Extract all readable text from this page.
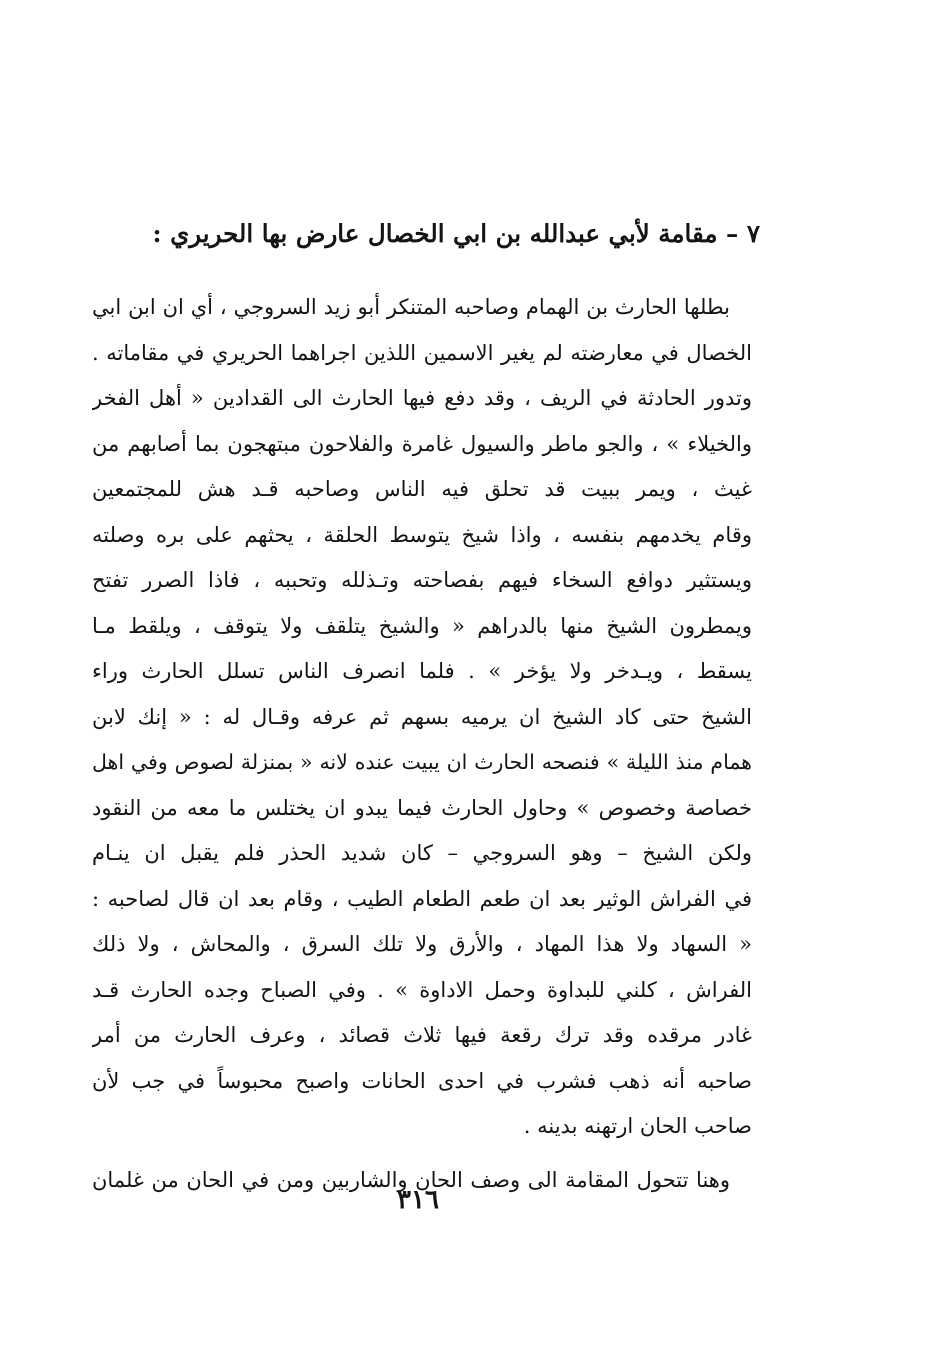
٧ – مقامة لأبي عبدالله بن ابي الخصال عارض بها الحريري :
بطلها الحارث بن الهمام وصاحبه المتنكر أبو زيد السروجي ، أي ان ابن ابي
الخصال في معارضته لم يغير الاسمين اللذين اجراهما الحريري في مقاماته .
وتدور الحادثة في الريف ، وقد دفع فيها الحارث الى القدادين « أهل الفخر
والخيلاء » ، والجو ماطر والسيول غامرة والفلاحون مبتهجون بما أصابهم من
غيث ، ويمر ببيت قد تحلق فيه الناس وصاحبه قـد هش للمجتمعين
وقام يخدمهم بنفسه ، واذا شيخ يتوسط الحلقة ، يحثهم على بره وصلته
ويستثير دوافع السخاء فيهم بفصاحته وتـذلله وتحببه ، فاذا الصرر تفتح
ويمطرون الشيخ منها بالدراهم « والشيخ يتلقف ولا يتوقف ، ويلقط مـا
يسقط ، ويـدخر ولا يؤخر » . فلما انصرف الناس تسلل الحارث وراء
الشيخ حتى كاد الشيخ ان يرميه بسهم ثم عرفه وقـال له : « إنك لابن
همام منذ الليلة » فنصحه الحارث ان يبيت عنده لانه « بمنزلة لصوص وفي اهل
خصاصة وخصوص » وحاول الحارث فيما يبدو ان يختلس ما معه من النقود
ولكن الشيخ – وهو السروجي – كان شديد الحذر فلم يقبل ان ينـام
في الفراش الوثير بعد ان طعم الطعام الطيب ، وقام بعد ان قال لصاحبه :
« السهاد ولا هذا المهاد ، والأرق ولا تلك السرق ، والمحاش ، ولا ذلك
الفراش ، كلني للبداوة وحمل الاداوة » . وفي الصباح وجده الحارث قـد
غادر مرقده وقد ترك رقعة فيها ثلاث قصائد ، وعرف الحارث من أمر
صاحبه أنه ذهب فشرب في احدى الحانات واصبح محبوساً في جب لأن
صاحب الحان ارتهنه بدينه .
وهنا تتحول المقامة الى وصف الحان والشاربين ومن في الحان من غلمان
٣١٦
